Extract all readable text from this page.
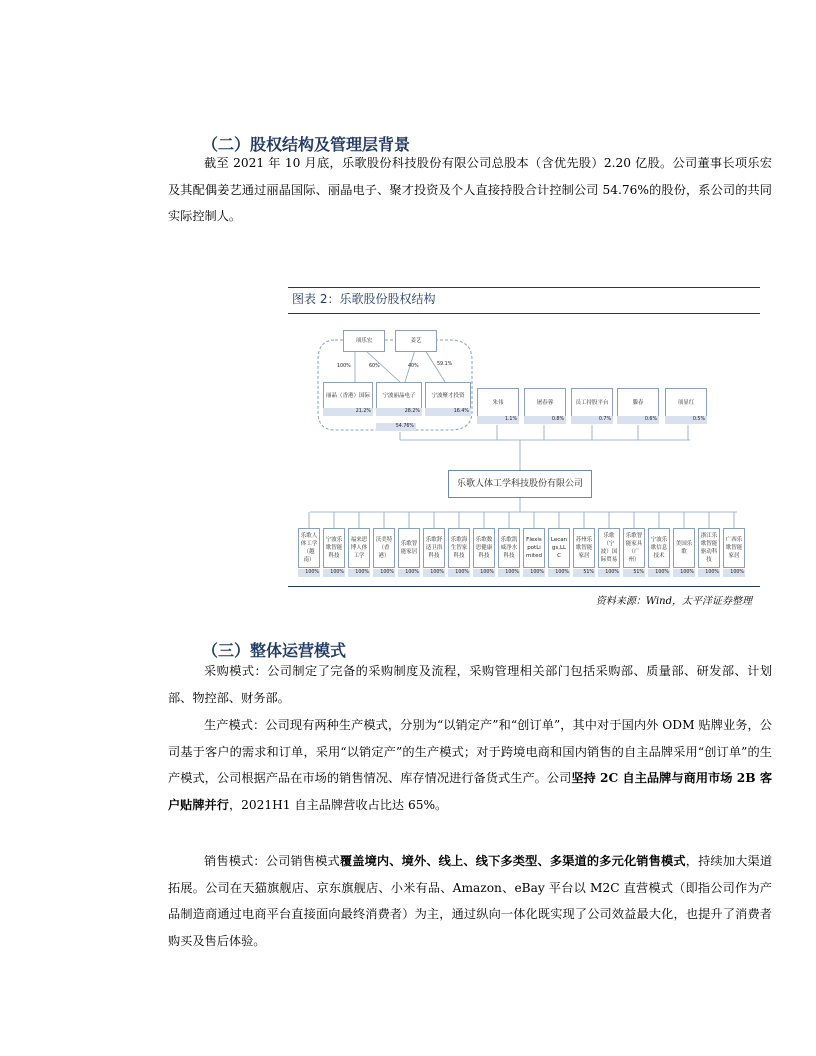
（二）股权结构及管理层背景
截至 2021 年 10 月底，乐歌股份科技股份有限公司总股本（含优先股）2.20 亿股。公司董事长项乐宏及其配偶姜艺通过丽晶国际、丽晶电子、聚才投资及个人直接持股合计控制公司 54.76%的股份，系公司的共同实际控制人。
图表 2：乐歌股份股权结构
项乐宏	姜艺
100%	60%	40%	59.1%
丽晶（香港）国际
21.2%
宁波丽晶电子
28.2%
宁波聚才投资
16.4%
54.76%
朱伟
1.1%
屠春蓉
0.8%
员工持股平台
0.7%
滕春
0.6%
项显红
0.5%
乐歌人体工学科技股份有限公司
乐歌人体工学（越南）
100%
宁波乐歌智能科技
100%
福来思博人体工学
100%
沃美特（香港）
100%
乐歌智能家居
100%
乐歌舒适卫浴科技
100%
乐歌海生智家科技
100%
乐歌数思健康科技
100%
乐歌凯威净水科技
100%
FlexispotLimited
100%
Lecangs,LLC
100%
苏州乐歌智能家居
51%
乐歌（宁波）国际贸易
100%
乐歌智能家具（广州）
51%
宁波乐歌信息技术
100%
美国乐歌
100%
浙江乐歌智能驱动科技
100%
广西乐歌智能家居
100%
资料来源：Wind，太平洋证券整理
（三）整体运营模式
采购模式：公司制定了完备的采购制度及流程，采购管理相关部门包括采购部、质量部、研发部、计划部、物控部、财务部。
生产模式：公司现有两种生产模式，分别为“以销定产”和“创订单”，其中对于国内外 ODM 贴牌业务，公司基于客户的需求和订单，采用“以销定产”的生产模式；对于跨境电商和国内销售的自主品牌采用“创订单”的生产模式，公司根据产品在市场的销售情况、库存情况进行备货式生产。公司坚持 2C 自主品牌与商用市场 2B 客户贴牌并行，2021H1 自主品牌营收占比达 65%。
销售模式：公司销售模式覆盖境内、境外、线上、线下多类型、多渠道的多元化销售模式，持续加大渠道拓展。公司在天猫旗舰店、京东旗舰店、小米有品、Amazon、eBay 平台以 M2C 直营模式（即指公司作为产品制造商通过电商平台直接面向最终消费者）为主，通过纵向一体化既实现了公司效益最大化，也提升了消费者购买及售后体验。
